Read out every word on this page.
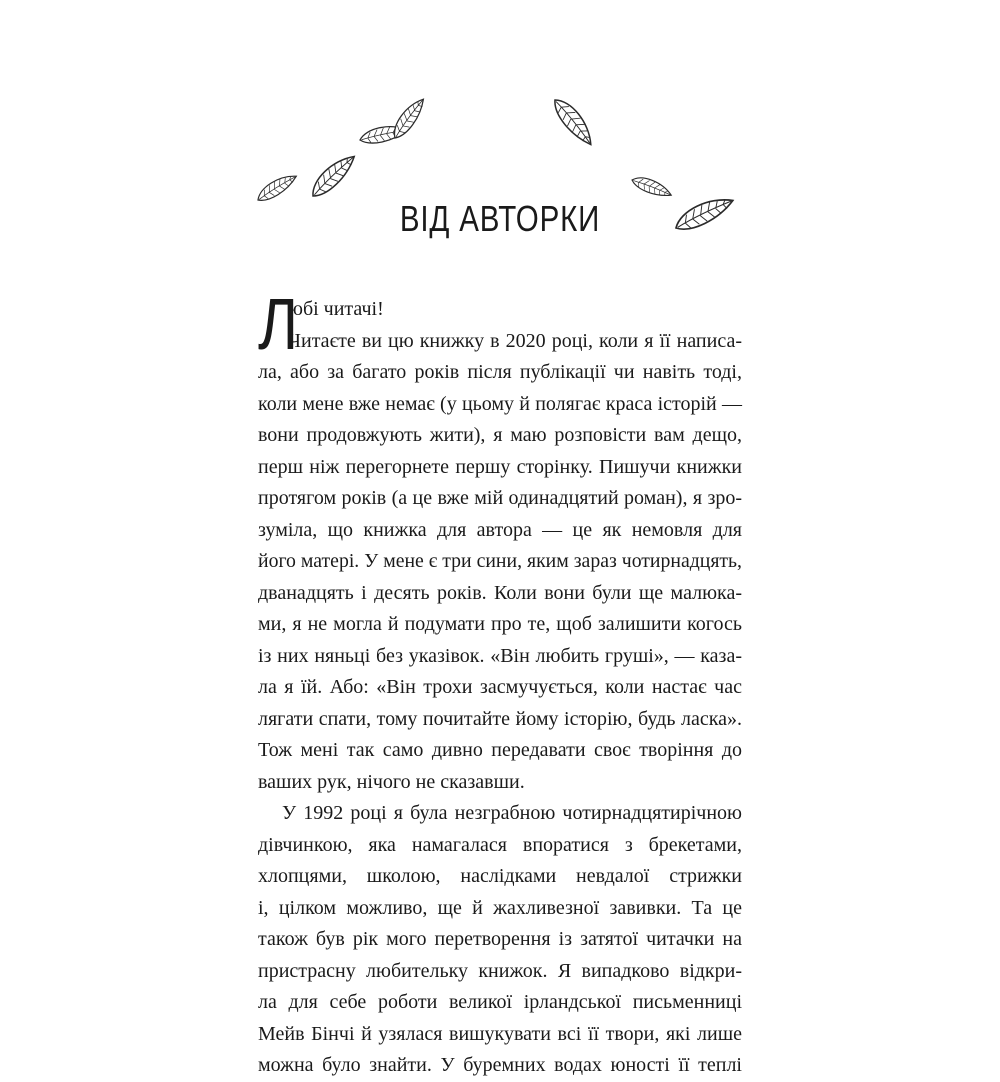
ВІД АВТОРКИ
Л
юбі читачі!
Читаєте ви цю книжку в 2020 році, коли я її написа-
ла, або за багато років після публікації чи навіть тоді,
коли мене вже немає (у цьому й полягає краса історій —
вони продовжують жити), я маю розповісти вам дещо,
перш ніж перегорнете першу сторінку. Пишучи книжки
протягом років (а це вже мій одинадцятий роман), я зро-
зуміла, що книжка для автора — це як немовля для
його матері. У мене є три сини, яким зараз чотирнадцять,
дванадцять і десять років. Коли вони були ще малюка-
ми, я не могла й подумати про те, щоб залишити когось
із них няньці без указівок. «Він любить груші», — каза-
ла я їй. Або: «Він трохи засмучується, коли настає час
лягати спати, тому почитайте йому історію, будь ласка».
Тож мені так само дивно передавати своє творіння до
ваших рук, нічого не сказавши.
У 1992 році я була незграбною чотирнадцятирічною
дівчинкою, яка намагалася впоратися з брекетами,
хлопцями, школою, наслідками невдалої стрижки
і, цілком можливо, ще й жахливезної завивки. Та це
також був рік мого перетворення із затятої читачки на
пристрасну любительку книжок. Я випадково відкри-
ла для себе роботи великої ірландської письменниці
Мейв Бінчі й узялася вишукувати всі її твори, які лише
можна було знайти. У буремних водах юності її теплі
